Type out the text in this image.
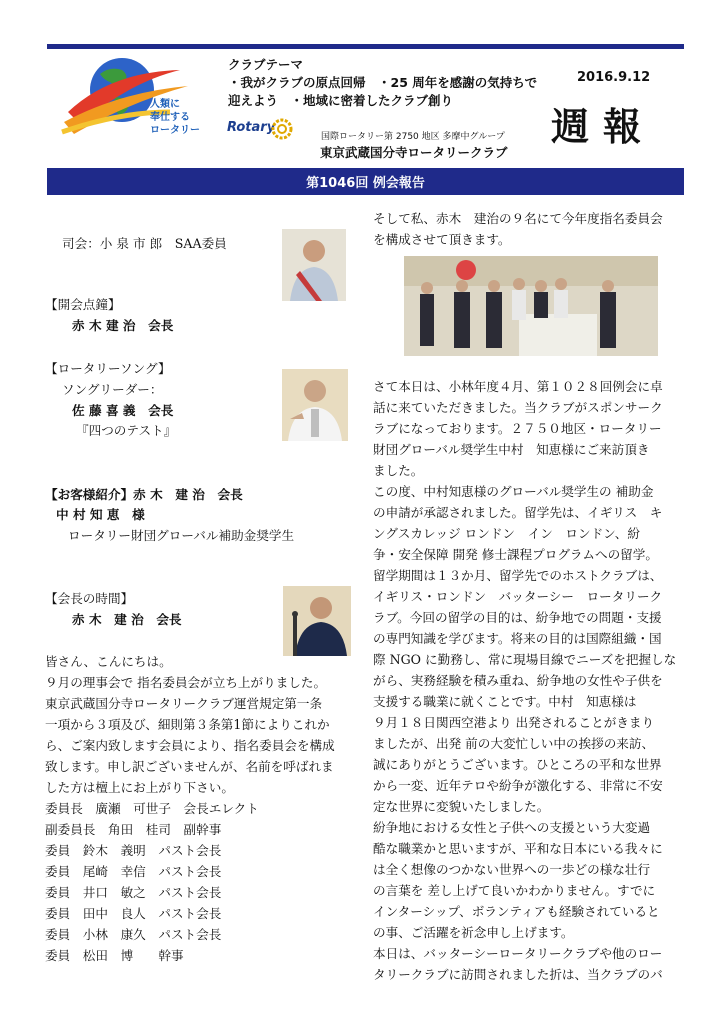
人類に
奉仕する
ロータリー
クラブテーマ
・我がクラブの原点回帰　・25 周年を感謝の気持ちで
迎えよう　・地域に密着したクラブ創り
2016.9.12
週報
Rotary
国際ロータリー第 2750 地区 多摩中グループ
東京武蔵国分寺ロータリークラブ
第1046回 例会報告
司会：小 泉 市 郎　SAA委員
【開会点鐘】
赤 木 建 治　会長
【ロータリーソング】
ソングリーダー：
佐 藤 喜 義　会長
『四つのテスト』
【お客様紹介】赤 木　建 治　会長
中 村 知 恵　様
ロータリー財団グローバル補助金奨学生
【会長の時間】
赤 木　建 治　会長
皆さん、こんにちは。
９月の理事会で 指名委員会が立ち上がりました。
東京武蔵国分寺ロータリークラブ運営規定第一条
一項から３項及び、細則第３条第1節によりこれか
ら、ご案内致します会員により、指名委員会を構成
致します。申し訳ございませんが、名前を呼ばれま
した方は檀上にお上がり下さい。
委員長　廣瀬　可世子　会長エレクト
副委員長　角田　桂司　副幹事
委員　鈴木　義明　パスト会長
委員　尾崎　幸信　パスト会長
委員　井口　敏之　パスト会長
委員　田中　良人　パスト会長
委員　小林　康久　パスト会長
委員　松田　博　　幹事
そして私、赤木　建治の９名にて今年度指名委員会
を構成させて頂きます。
さて本日は、小林年度４月、第１０２８回例会に卓
話に来ていただきました。当クラブがスポンサーク
ラブになっております。２７５０地区・ロータリー
財団グローバル奨学生中村　知恵様にご来訪頂き
ました。
この度、中村知恵様のグローバル奨学生の 補助金
の申請が承認されました。留学先は、イギリス　キ
ングスカレッジ ロンドン　イン　ロンドン、紛
争・安全保障 開発 修士課程プログラムへの留学。
留学期間は１３か月、留学先でのホストクラブは、
イギリス・ロンドン　バッターシー　ロータリーク
ラブ。今回の留学の目的は、紛争地での問題・支援
の専門知識を学びます。将来の目的は国際組織・国
際 NGO に勤務し、常に現場目線でニーズを把握しな
がら、実務経験を積み重ね、紛争地の女性や子供を
支援する職業に就くことです。中村　知恵様は
９月１８日関西空港より 出発されることがきまり
ましたが、出発 前の大変忙しい中の挨拶の来訪、
誠にありがとうございます。ひところの平和な世界
から一変、近年テロや紛争が激化する、非常に不安
定な世界に変貌いたしました。
紛争地における女性と子供への支援という大変過
酷な職業かと思いますが、平和な日本にいる我々に
は全く想像のつかない世界への一歩どの様な壮行
の言葉を 差し上げて良いかわかりません。すでに
インターシップ、ボランティアも経験されていると
の事、ご活躍を祈念申し上げます。
本日は、バッターシーロータリークラブや他のロー
タリークラブに訪問されました折は、当クラブのバ
